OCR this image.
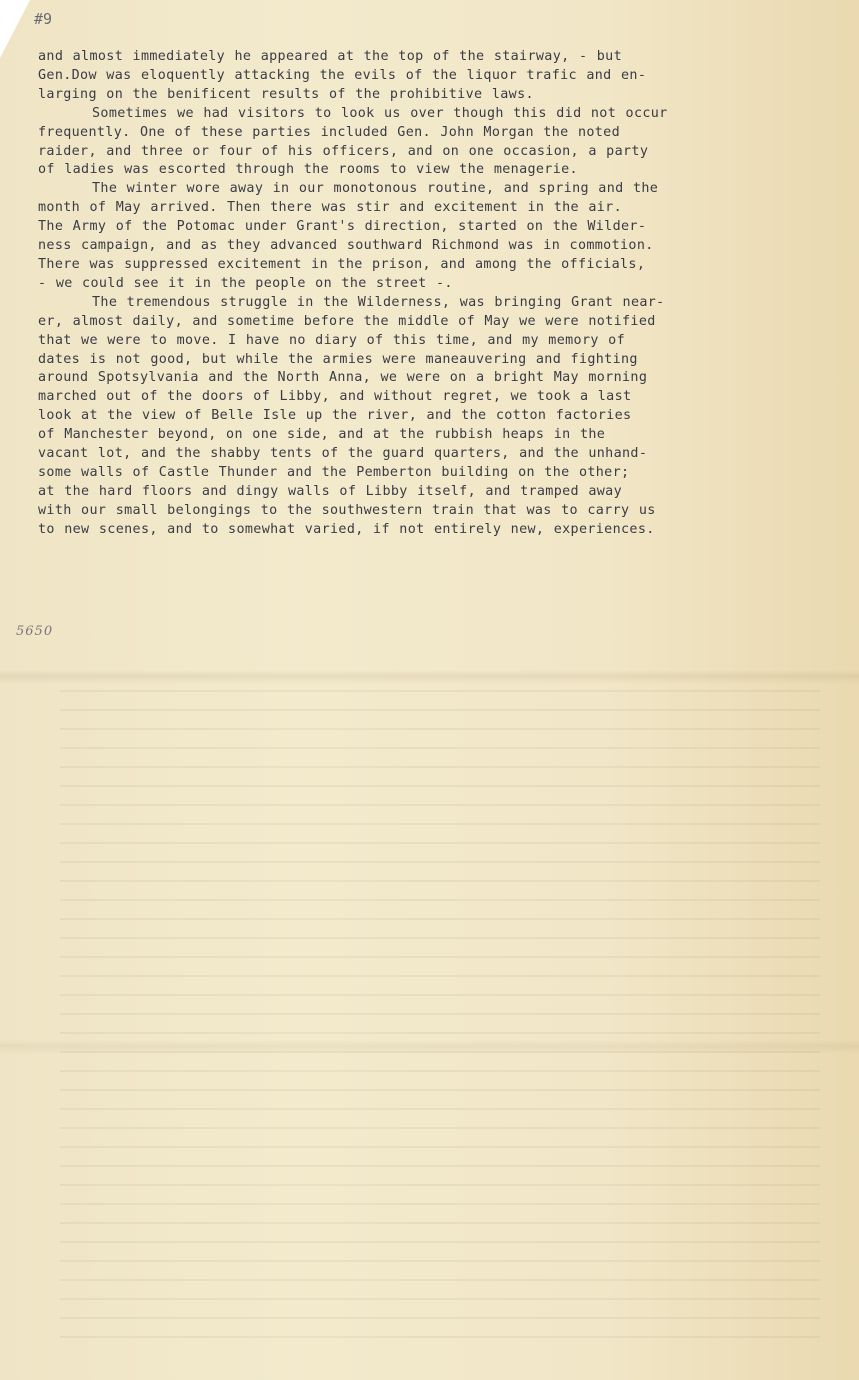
#9
and almost immediately he appeared at the top of the stairway, - but
Gen.Dow was eloquently attacking the evils of the liquor trafic and en-
larging on the benificent results of the prohibitive laws.
Sometimes we had visitors to look us over though this did not occur
frequently. One of these parties included Gen. John Morgan the noted
raider, and three or four of his officers, and on one occasion, a party
of ladies was escorted through the rooms to view the menagerie.
The winter wore away in our monotonous routine, and spring and the
month of May arrived. Then there was stir and excitement in the air.
The Army of the Potomac under Grant's direction, started on the Wilder-
ness campaign, and as they advanced southward Richmond was in commotion.
There was suppressed excitement in the prison, and among the officials,
- we could see it in the people on the street -.
The tremendous struggle in the Wilderness, was bringing Grant near-
er, almost daily, and sometime before the middle of May we were notified
that we were to move. I have no diary of this time, and my memory of
dates is not good, but while the armies were maneauvering and fighting
around Spotsylvania and the North Anna, we were on a bright May morning
marched out of the doors of Libby, and without regret, we took a last
look at the view of Belle Isle up the river, and the cotton factories
of Manchester beyond, on one side, and at the rubbish heaps in the
vacant lot, and the shabby tents of the guard quarters, and the unhand-
some walls of Castle Thunder and the Pemberton building on the other;
at the hard floors and dingy walls of Libby itself, and tramped away
with our small belongings to the southwestern train that was to carry us
to new scenes, and to somewhat varied, if not entirely new, experiences.
5650
